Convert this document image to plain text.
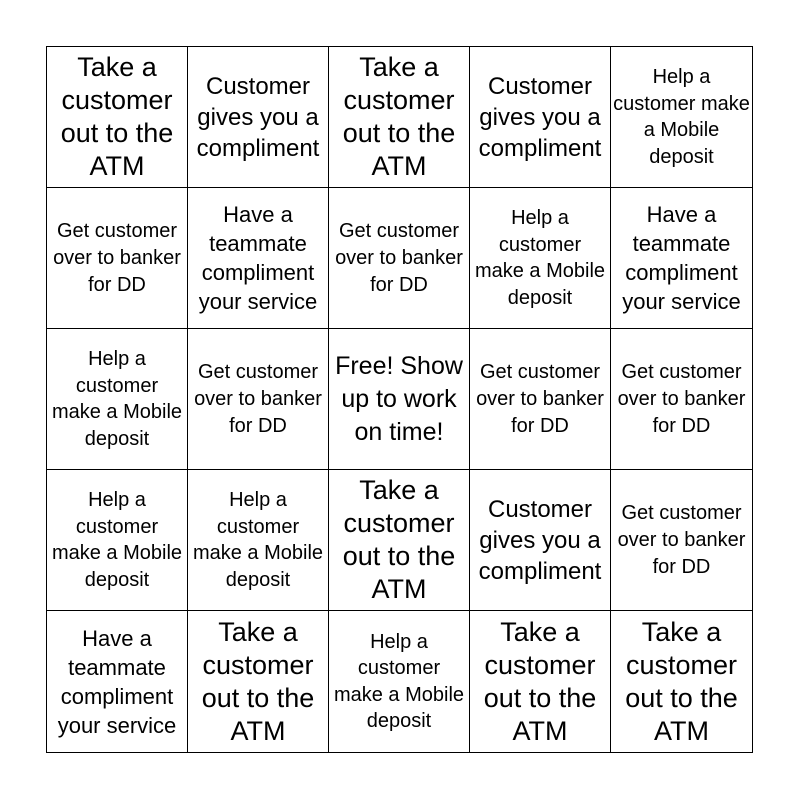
Take a customer out to the ATM
Customer gives you a compliment
Take a customer out to the ATM
Customer gives you a compliment
Help a customer make a Mobile deposit
Get customer over to banker for DD
Have a teammate compliment your service
Get customer over to banker for DD
Help a customer make a Mobile deposit
Have a teammate compliment your service
Help a customer make a Mobile deposit
Get customer over to banker for DD
Free! Show up to work on time!
Get customer over to banker for DD
Get customer over to banker for DD
Help a customer make a Mobile deposit
Help a customer make a Mobile deposit
Take a customer out to the ATM
Customer gives you a compliment
Get customer over to banker for DD
Have a teammate compliment your service
Take a customer out to the ATM
Help a customer make a Mobile deposit
Take a customer out to the ATM
Take a customer out to the ATM
